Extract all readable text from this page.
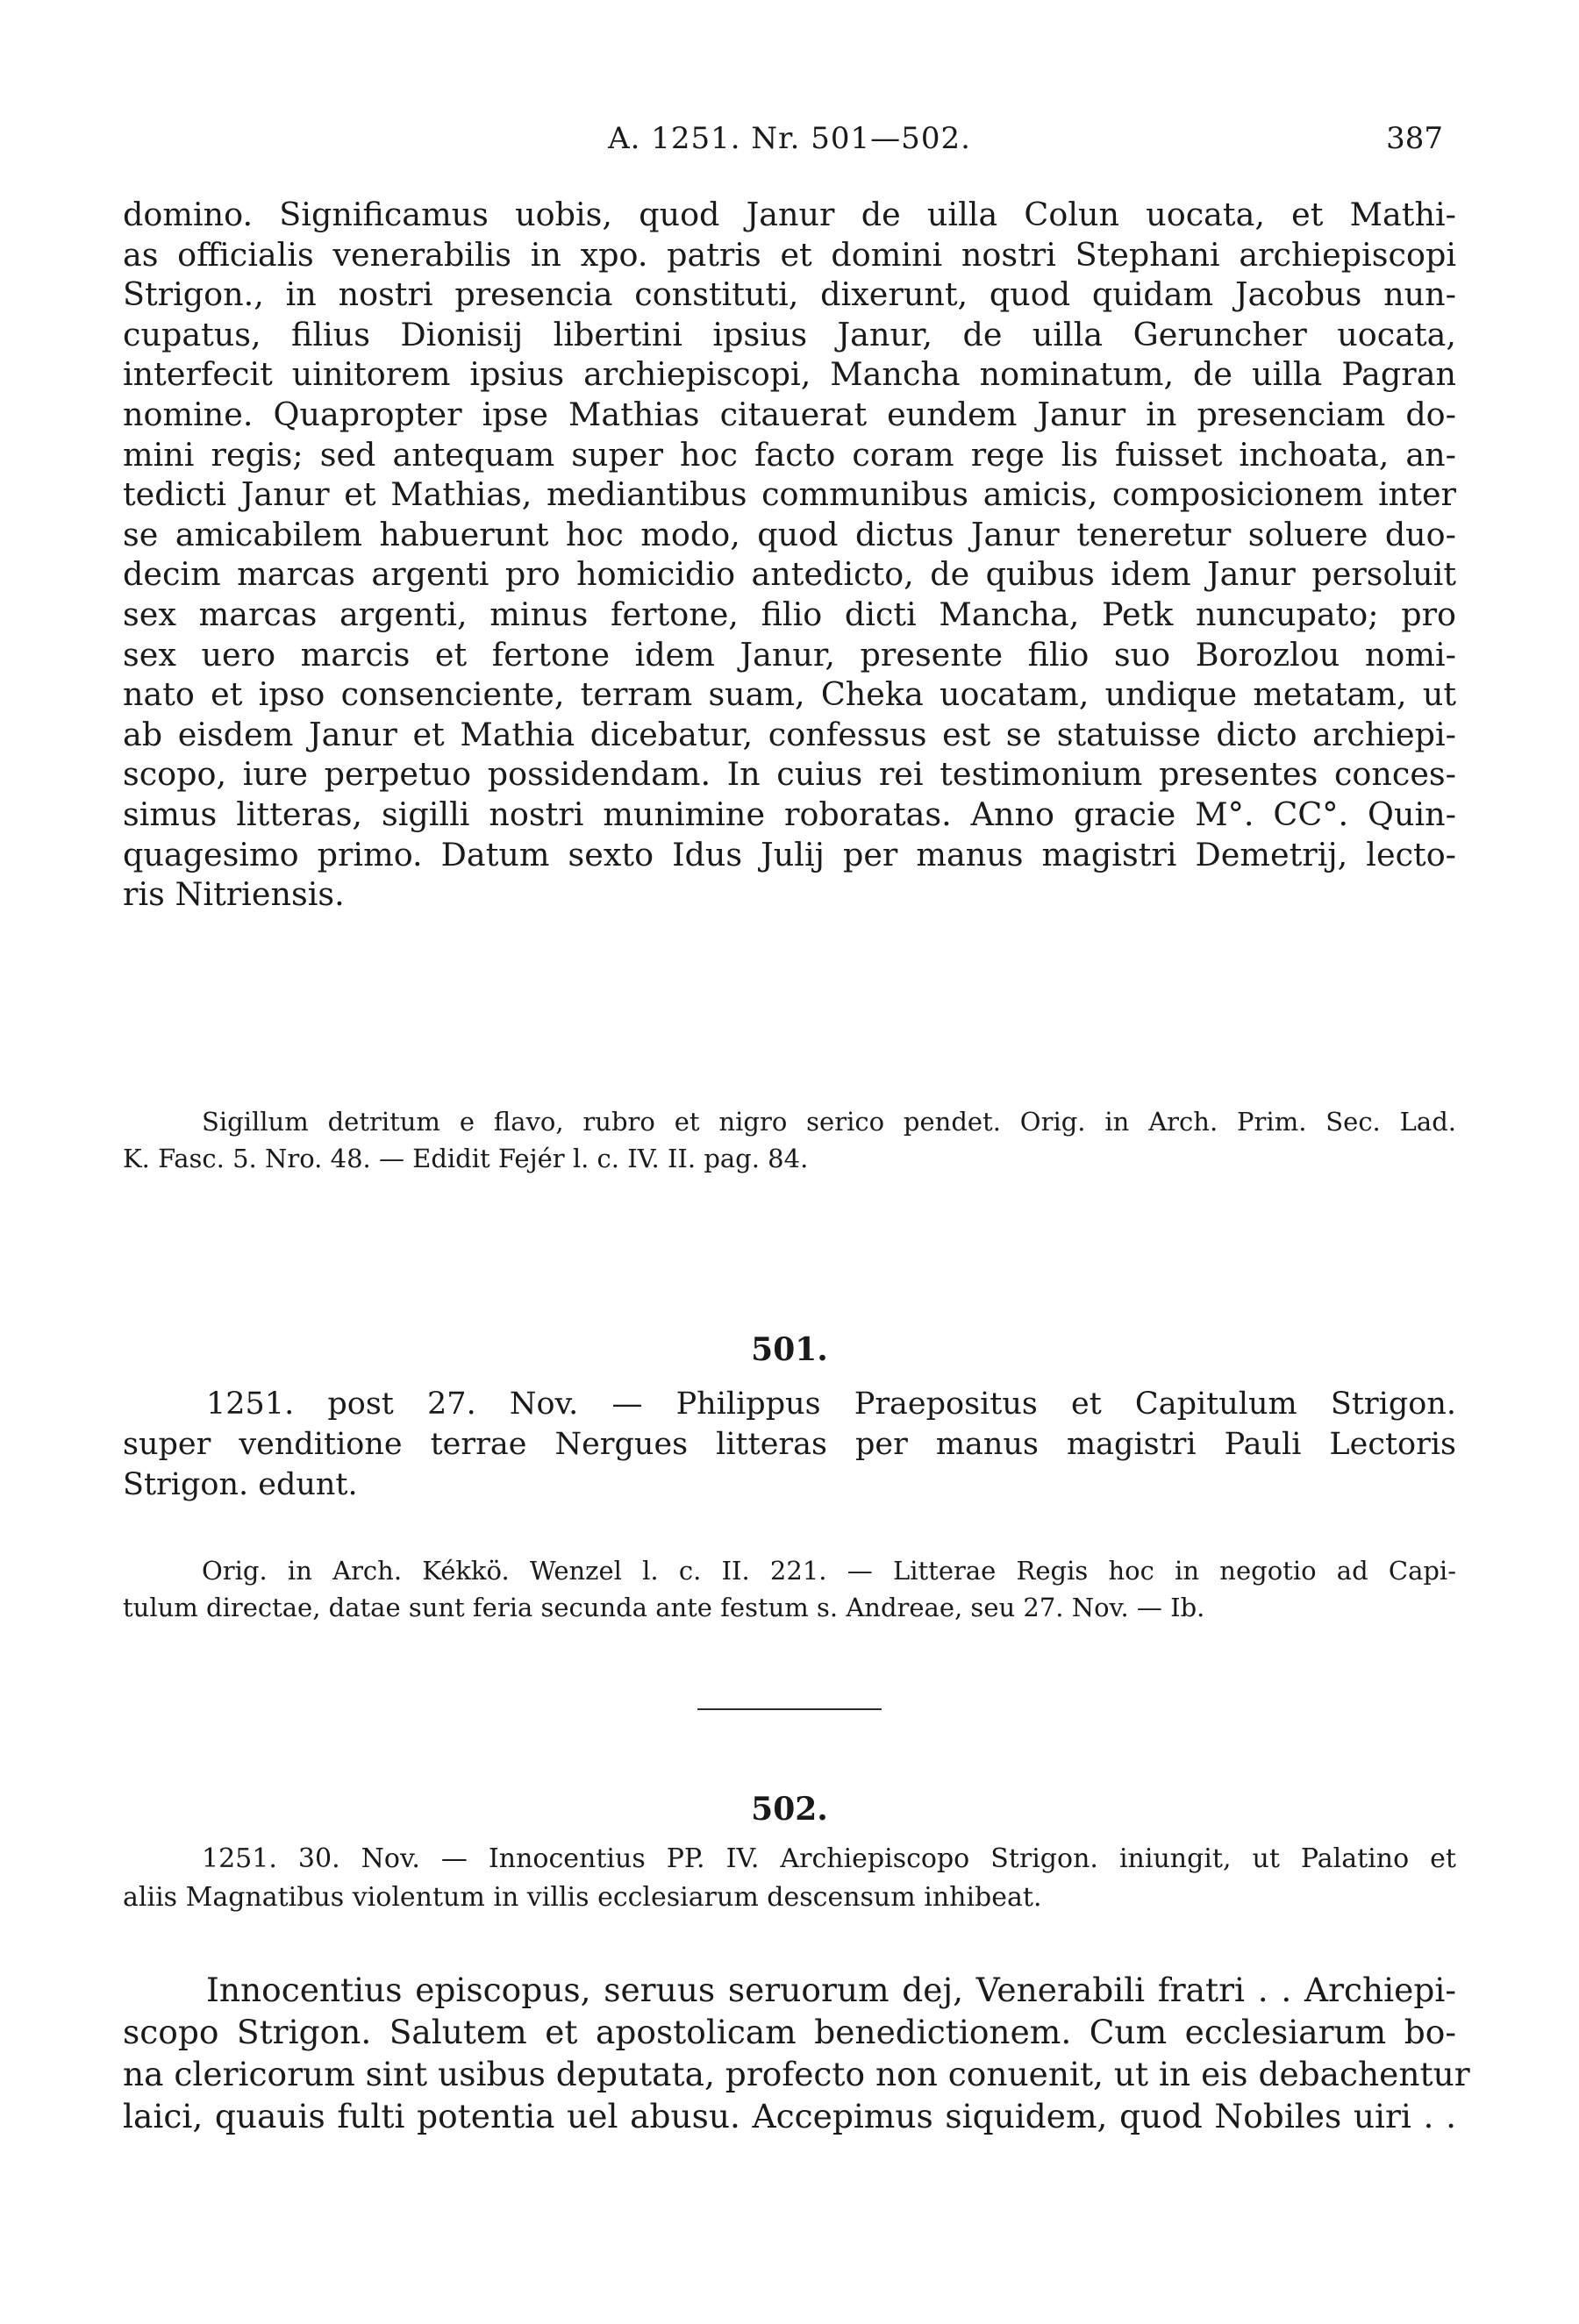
A. 1251. Nr. 501—502.	387
domino. Significamus uobis, quod Janur de uilla Colun uocata, et Mathi-
as officialis venerabilis in xpo. patris et domini nostri Stephani archiepiscopi
Strigon., in nostri presencia constituti, dixerunt, quod quidam Jacobus nun-
cupatus, filius Dionisij libertini ipsius Janur, de uilla Geruncher uocata,
interfecit uinitorem ipsius archiepiscopi, Mancha nominatum, de uilla Pagran
nomine. Quapropter ipse Mathias citauerat eundem Janur in presenciam do-
mini regis; sed antequam super hoc facto coram rege lis fuisset inchoata, an-
tedicti Janur et Mathias, mediantibus communibus amicis, composicionem inter
se amicabilem habuerunt hoc modo, quod dictus Janur teneretur soluere duo-
decim marcas argenti pro homicidio antedicto, de quibus idem Janur persoluit
sex marcas argenti, minus fertone, filio dicti Mancha, Petk nuncupato; pro
sex uero marcis et fertone idem Janur, presente filio suo Borozlou nomi-
nato et ipso consenciente, terram suam, Cheka uocatam, undique metatam, ut
ab eisdem Janur et Mathia dicebatur, confessus est se statuisse dicto archiepi-
scopo, iure perpetuo possidendam. In cuius rei testimonium presentes conces-
simus litteras, sigilli nostri munimine roboratas. Anno gracie M°. CC°. Quin-
quagesimo primo. Datum sexto Idus Julij per manus magistri Demetrij, lecto-
ris Nitriensis.
Sigillum detritum e flavo, rubro et nigro serico pendet. Orig. in Arch. Prim. Sec. Lad.
K. Fasc. 5. Nro. 48. — Edidit Fejér l. c. IV. II. pag. 84.
501.
1251. post 27. Nov. — Philippus Praepositus et Capitulum Strigon.
super venditione terrae Nergues litteras per manus magistri Pauli Lectoris
Strigon. edunt.
Orig. in Arch. Kékkö. Wenzel l. c. II. 221. — Litterae Regis hoc in negotio ad Capi-
tulum directae, datae sunt feria secunda ante festum s. Andreae, seu 27. Nov. — Ib.
502.
1251. 30. Nov. — Innocentius PP. IV. Archiepiscopo Strigon. iniungit, ut Palatino et
aliis Magnatibus violentum in villis ecclesiarum descensum inhibeat.
Innocentius episcopus, seruus seruorum dej, Venerabili fratri . . Archiepi-
scopo Strigon. Salutem et apostolicam benedictionem. Cum ecclesiarum bo-
na clericorum sint usibus deputata, profecto non conuenit, ut in eis debachentur
laici, quauis fulti potentia uel abusu. Accepimus siquidem, quod Nobiles uiri . .
